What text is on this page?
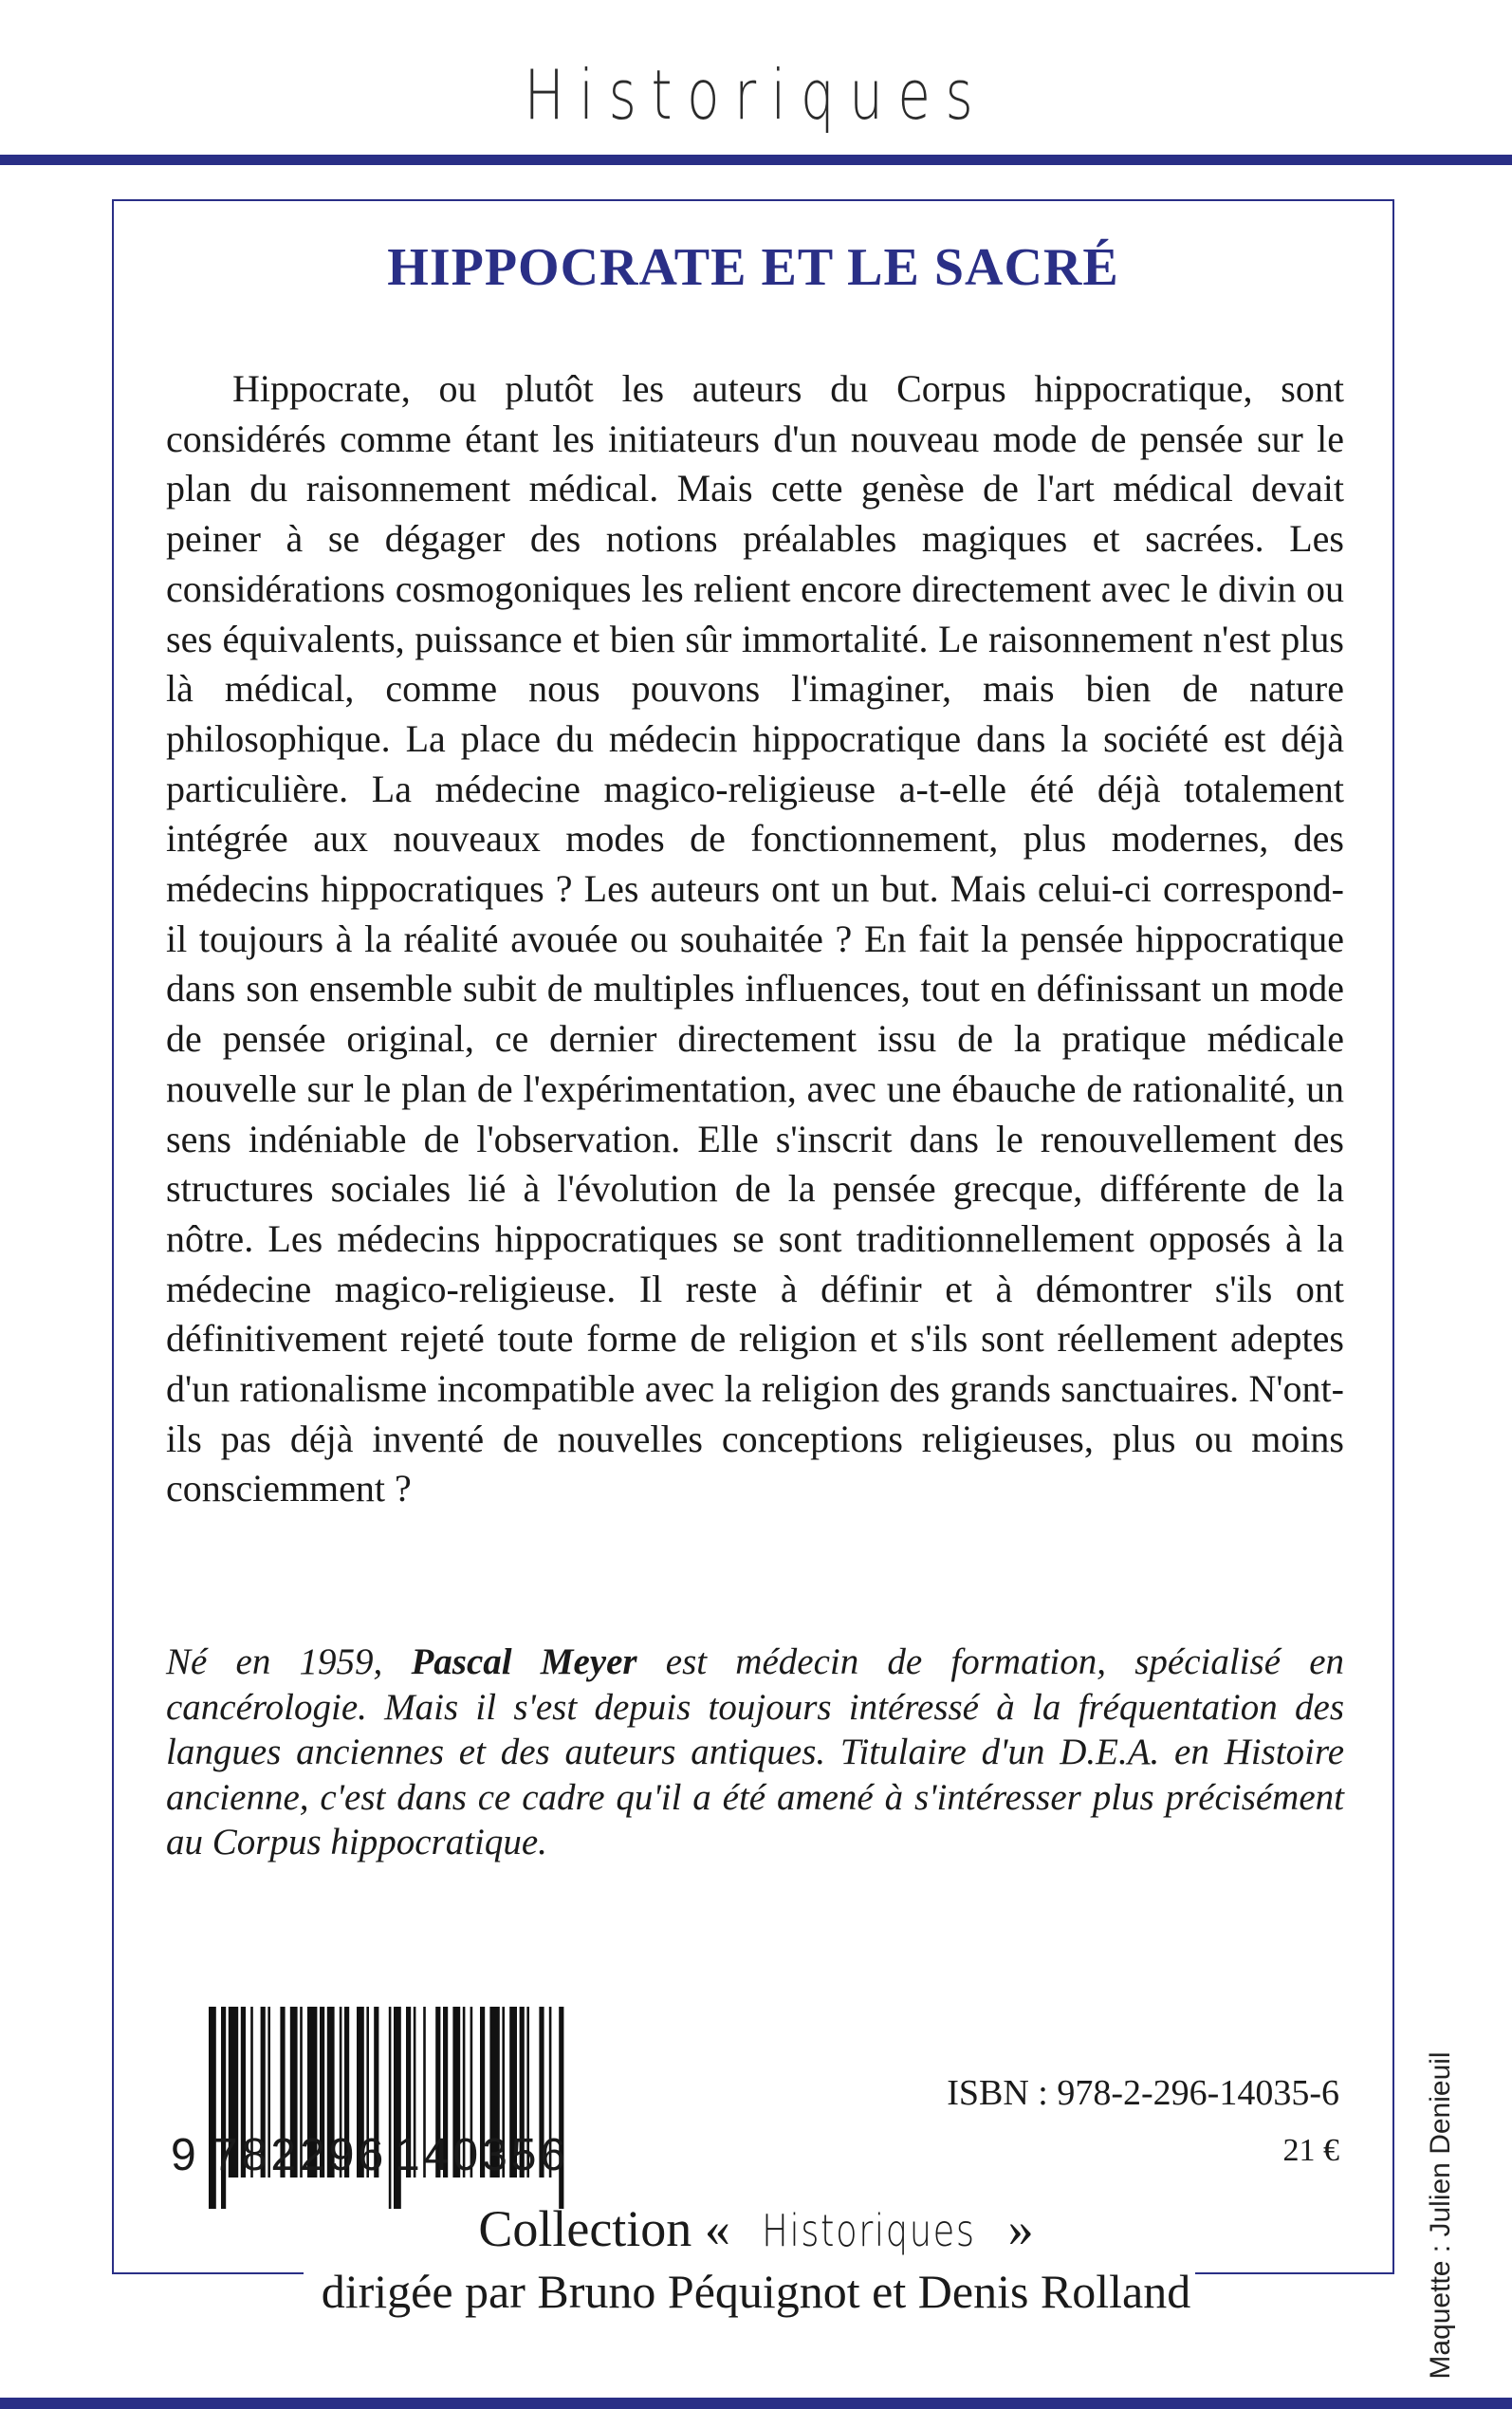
Historiques
HIPPOCRATE ET LE SACRÉ

Hippocrate, ou plutôt les auteurs du Corpus hippocratique, sont considérés comme étant les initiateurs d'un nouveau mode de pensée sur le plan du raisonnement médical. Mais cette genèse de l'art médical devait peiner à se dégager des notions préalables magiques et sacrées. Les considérations cosmogoniques les relient encore directement avec le divin ou ses équivalents, puissance et bien sûr immortalité. Le raisonnement n'est plus là médical, comme nous pouvons l'imaginer, mais bien de nature philosophique. La place du médecin hippocratique dans la société est déjà particulière. La médecine magico-religieuse a-t-elle été déjà totalement intégrée aux nouveaux modes de fonctionnement, plus modernes, des médecins hippocratiques ? Les auteurs ont un but. Mais celui-ci correspond-il toujours à la réalité avouée ou souhaitée ? En fait la pensée hippocratique dans son ensemble subit de multiples influences, tout en définissant un mode de pensée original, ce dernier directement issu de la pratique médicale nouvelle sur le plan de l'expérimentation, avec une ébauche de rationalité, un sens indéniable de l'observation. Elle s'inscrit dans le renouvellement des structures sociales lié à l'évolution de la pensée grecque, différente de la nôtre. Les médecins hippocratiques se sont traditionnellement opposés à la médecine magico-religieuse. Il reste à définir et à démontrer s'ils ont définitivement rejeté toute forme de religion et s'ils sont réellement adeptes d'un rationalisme incompatible avec la religion des grands sanctuaires. N'ont-ils pas déjà inventé de nouvelles conceptions religieuses, plus ou moins consciemment ?

Né en 1959, Pascal Meyer est médecin de formation, spécialisé en cancérologie. Mais il s'est depuis toujours intéressé à la fréquentation des langues anciennes et des auteurs antiques. Titulaire d'un D.E.A. en Histoire ancienne, c'est dans ce cadre qu'il a été amené à s'intéresser plus précisément au Corpus hippocratique.

9 782296 140356
ISBN : 978-2-296-14035-6
21 €	Maquette : Julien Denieuil
Collection « Historiques »
dirigée par Bruno Péquignot et Denis Rolland
